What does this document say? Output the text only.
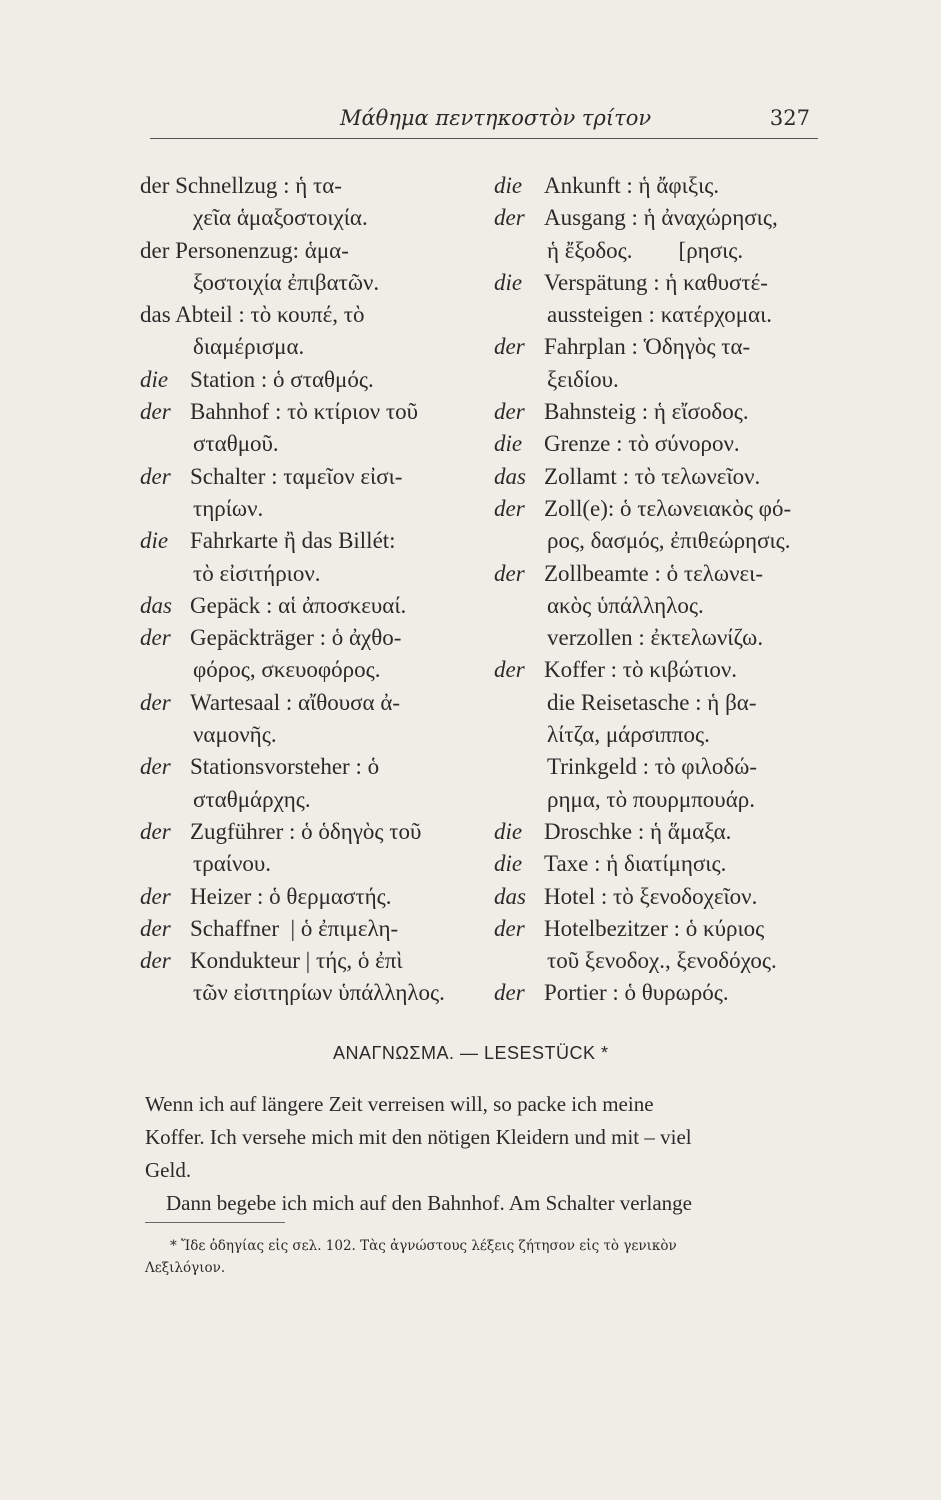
Μάθημα πεντηκοστὸν τρίτον	327
der Schnellzug : ἡ τα-
χεῖα ἁμαξοστοιχία.
der Personenzug: ἁμα-
ξοστοιχία ἐπιβατῶν.
das Abteil : τὸ κουπέ, τὸ
διαμέρισμα.
die Station : ὁ σταθμός.
der Bahnhof : τὸ κτίριον τοῦ
σταθμοῦ.
der Schalter : ταμεῖον εἰσι-
τηρίων.
die Fahrkarte ἢ das Billét:
τὸ εἰσιτήριον.
das Gepäck : αἱ ἀποσκευαί.
der Gepäckträger : ὁ ἀχθο-
φόρος, σκευοφόρος.
der Wartesaal : αἴθουσα ἀ-
ναμονῆς.
der Stationsvorsteher : ὁ
σταθμάρχης.
der Zugführer : ὁ ὁδηγὸς τοῦ
τραίνου.
der Heizer : ὁ θερμαστής.
der Schaffner  | ὁ ἐπιμελη-
der Kondukteur | τής, ὁ ἐπὶ
τῶν εἰσιτηρίων ὑπάλληλος.
die Ankunft : ἡ ἄφιξις.
der Ausgang : ἡ ἀναχώρησις,
ἡ ἔξοδος.        [ρησις.
die Verspätung : ἡ καθυστέ-
aussteigen : κατέρχομαι.
der Fahrplan : Ὁδηγὸς τα-
ξειδίου.
der Bahnsteig : ἡ εἴσοδος.
die Grenze : τὸ σύνορον.
das Zollamt : τὸ τελωνεῖον.
der Zoll(e): ὁ τελωνειακὸς φό-
ρος, δασμός, ἐπιθεώρησις.
der Zollbeamte : ὁ τελωνει-
ακὸς ὑπάλληλος.
verzollen : ἐκτελωνίζω.
der Koffer : τὸ κιβώτιον.
die Reisetasche : ἡ βα-
λίτζα, μάρσιππος.
Trinkgeld : τὸ φιλοδώ-
ρημα, τὸ πουρμπουάρ.
die Droschke : ἡ ἅμαξα.
die Taxe : ἡ διατίμησις.
das Hotel : τὸ ξενοδοχεῖον.
der Hotelbezitzer : ὁ κύριος
τοῦ ξενοδοχ., ξενοδόχος.
der Portier : ὁ θυρωρός.
ΑΝΑΓΝΩΣΜΑ. — LESESTÜCK *
Wenn ich auf längere Zeit verreisen will, so packe ich meine
Koffer. Ich versehe mich mit den nötigen Kleidern und mit – viel
Geld.
Dann begebe ich mich auf den Bahnhof. Am Schalter verlange
* Ἴδε ὁδηγίας εἰς σελ. 102. Τὰς ἀγνώστους λέξεις ζήτησον εἰς τὸ γενικὸν
Λεξιλόγιον.
